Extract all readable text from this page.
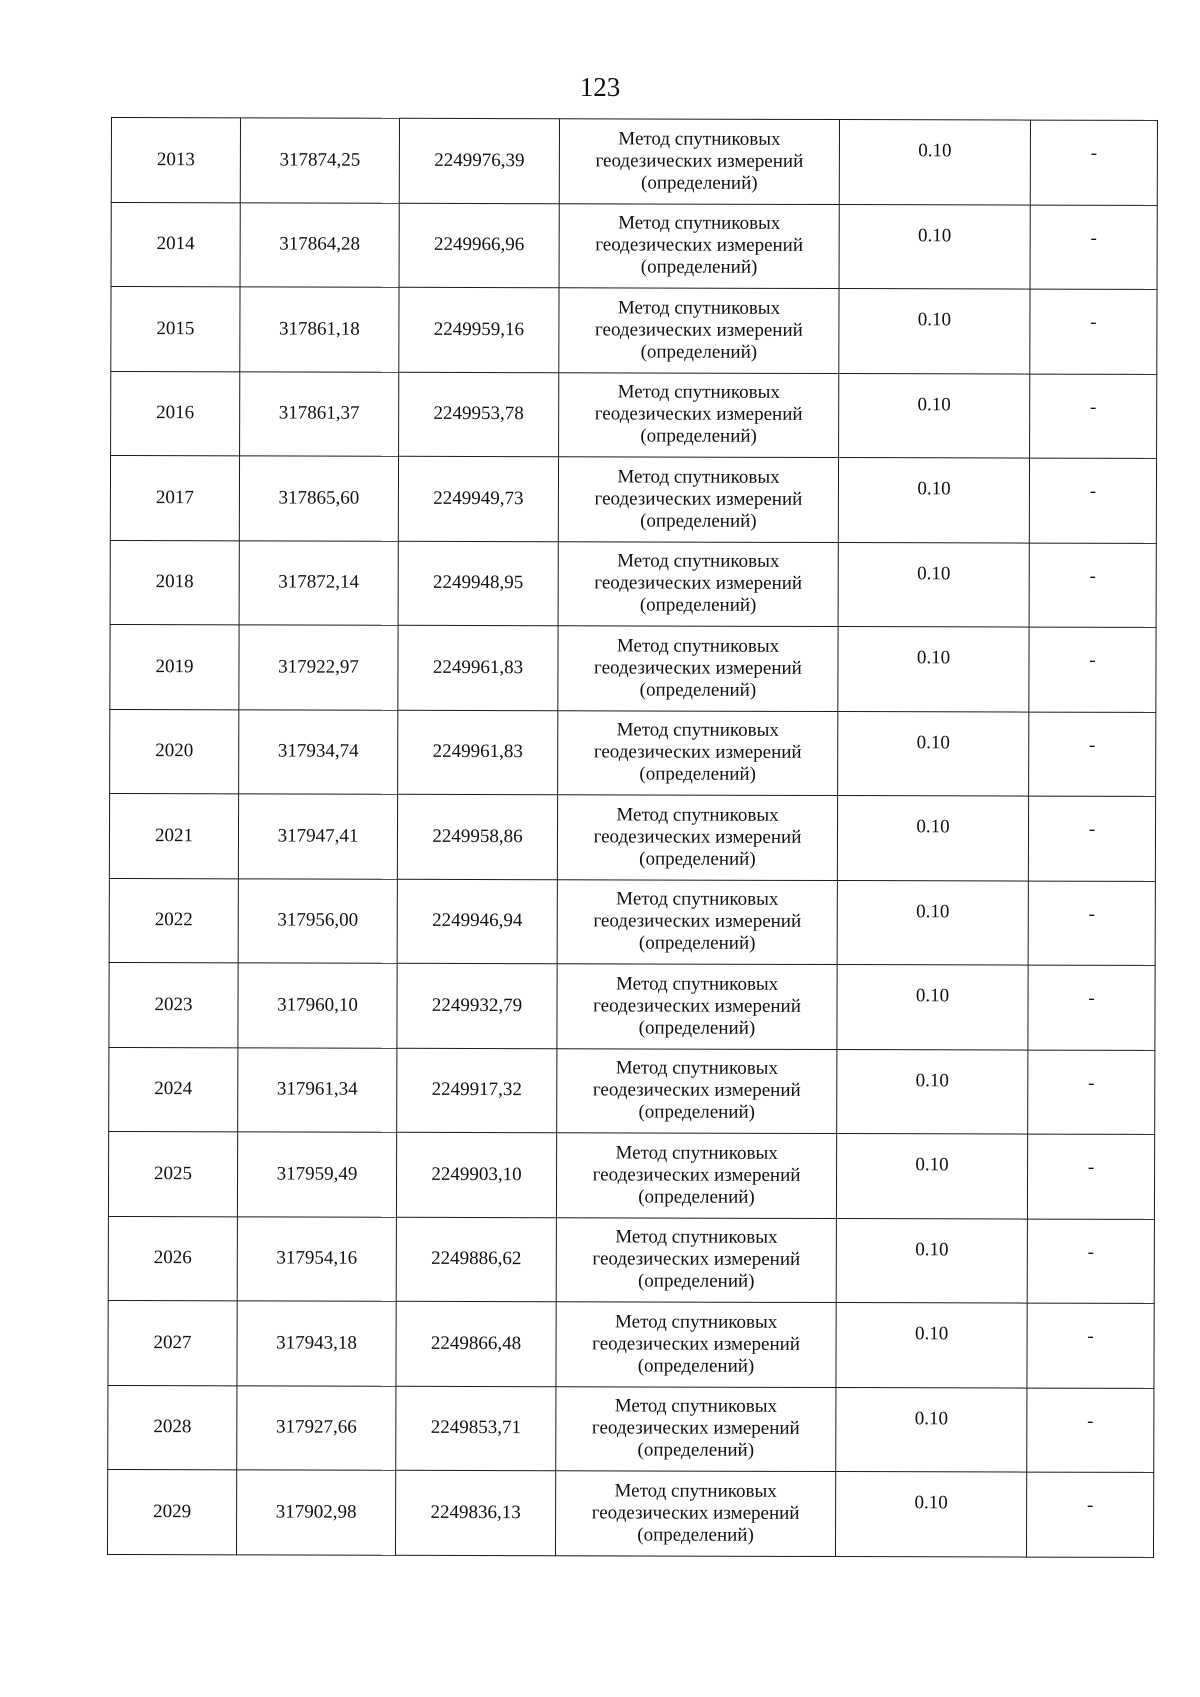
123
2013	317874,25	2249976,39	Метод спутниковых
геодезических измерений
(определений)	0.10	-

2014	317864,28	2249966,96	Метод спутниковых
геодезических измерений
(определений)	0.10	-

2015	317861,18	2249959,16	Метод спутниковых
геодезических измерений
(определений)	0.10	-

2016	317861,37	2249953,78	Метод спутниковых
геодезических измерений
(определений)	0.10	-

2017	317865,60	2249949,73	Метод спутниковых
геодезических измерений
(определений)	0.10	-

2018	317872,14	2249948,95	Метод спутниковых
геодезических измерений
(определений)	0.10	-

2019	317922,97	2249961,83	Метод спутниковых
геодезических измерений
(определений)	0.10	-

2020	317934,74	2249961,83	Метод спутниковых
геодезических измерений
(определений)	0.10	-

2021	317947,41	2249958,86	Метод спутниковых
геодезических измерений
(определений)	0.10	-

2022	317956,00	2249946,94	Метод спутниковых
геодезических измерений
(определений)	0.10	-

2023	317960,10	2249932,79	Метод спутниковых
геодезических измерений
(определений)	0.10	-

2024	317961,34	2249917,32	Метод спутниковых
геодезических измерений
(определений)	0.10	-

2025	317959,49	2249903,10	Метод спутниковых
геодезических измерений
(определений)	0.10	-

2026	317954,16	2249886,62	Метод спутниковых
геодезических измерений
(определений)	0.10	-

2027	317943,18	2249866,48	Метод спутниковых
геодезических измерений
(определений)	0.10	-

2028	317927,66	2249853,71	Метод спутниковых
геодезических измерений
(определений)	0.10	-

2029	317902,98	2249836,13	Метод спутниковых
геодезических измерений
(определений)	0.10	-
